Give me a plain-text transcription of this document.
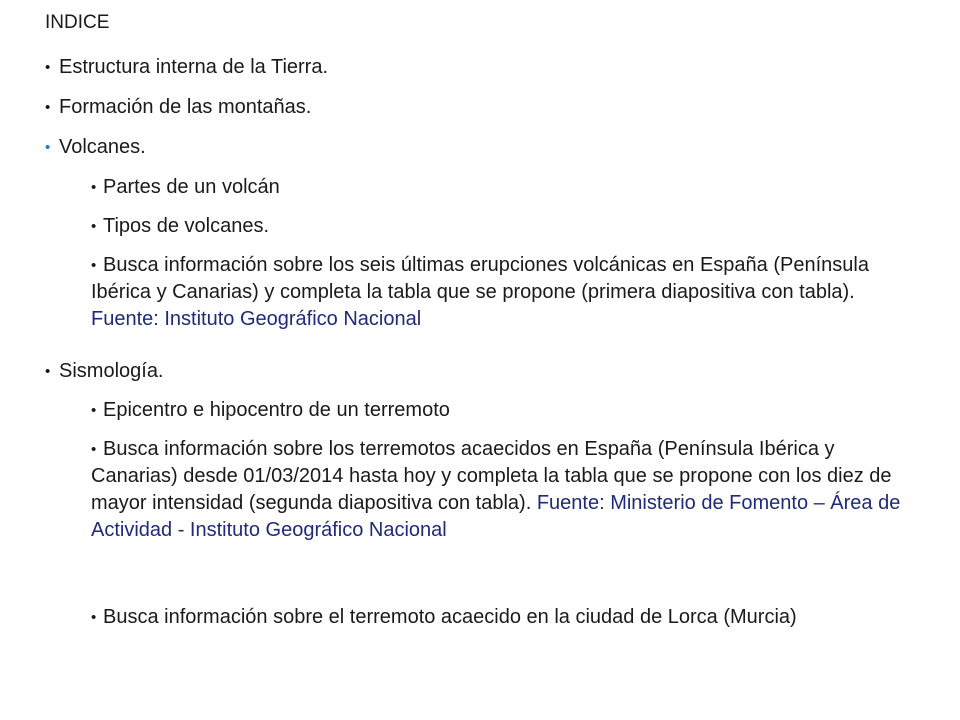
INDICE
• Estructura interna de la Tierra.
• Formación de las montañas.
• Volcanes.
• Partes de un volcán
• Tipos de volcanes.
• Busca información sobre los seis últimas erupciones volcánicas en España (Península Ibérica y Canarias) y completa la tabla que se propone (primera diapositiva con tabla). Fuente: Instituto Geográfico Nacional
• Sismología.
• Epicentro e hipocentro de un terremoto
• Busca información sobre los terremotos acaecidos en España (Península Ibérica y Canarias) desde 01/03/2014 hasta hoy y completa la tabla que se propone con los diez de mayor intensidad (segunda diapositiva con tabla). Fuente: Ministerio de Fomento – Área de Actividad - Instituto Geográfico Nacional
• Busca información sobre el terremoto acaecido en la ciudad de Lorca (Murcia)
